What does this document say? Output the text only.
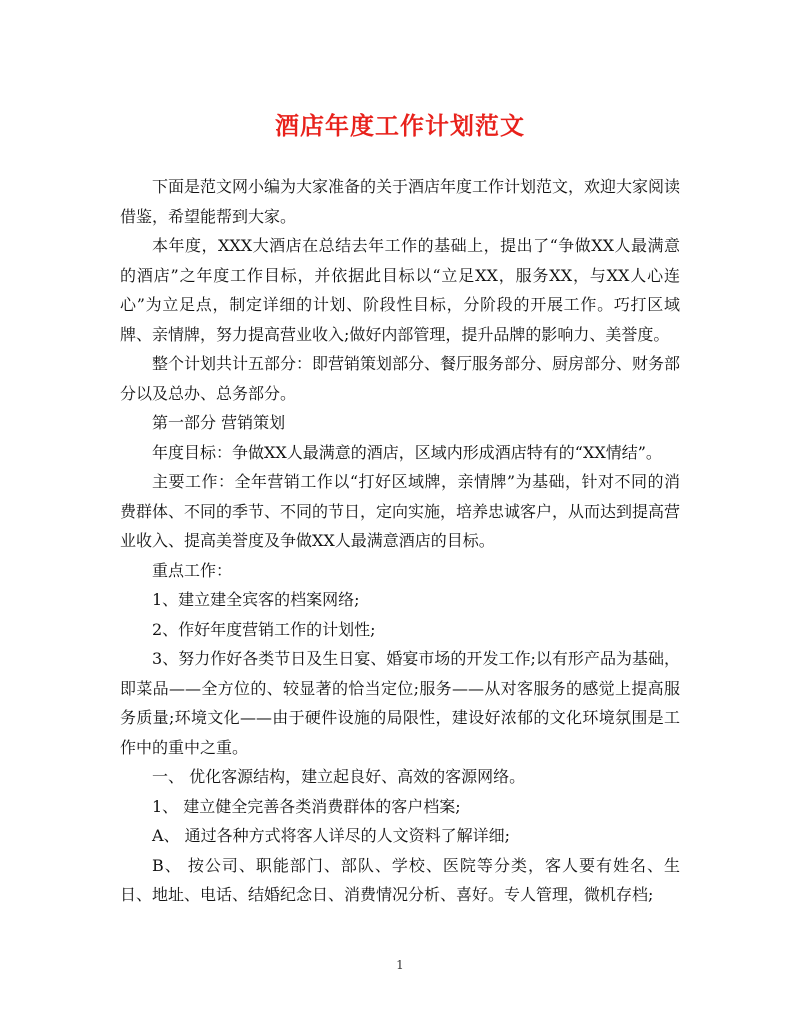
酒店年度工作计划范文

下面是范文网小编为大家准备的关于酒店年度工作计划范文，欢迎大家阅读借鉴，希望能帮到大家。

本年度，XXX大酒店在总结去年工作的基础上，提出了“争做XX人最满意的酒店”之年度工作目标，并依据此目标以“立足XX，服务XX，与XX人心连心”为立足点，制定详细的计划、阶段性目标，分阶段的开展工作。巧打区域牌、亲情牌，努力提高营业收入;做好内部管理，提升品牌的影响力、美誉度。

整个计划共计五部分：即营销策划部分、餐厅服务部分、厨房部分、财务部分以及总办、总务部分。

第一部分 营销策划

年度目标：争做XX人最满意的酒店，区域内形成酒店特有的“XX情结”。

主要工作：全年营销工作以“打好区域牌，亲情牌”为基础，针对不同的消费群体、不同的季节、不同的节日，定向实施，培养忠诚客户，从而达到提高营业收入、提高美誉度及争做XX人最满意酒店的目标。

重点工作：

1、建立建全宾客的档案网络;

2、作好年度营销工作的计划性;

3、努力作好各类节日及生日宴、婚宴市场的开发工作;以有形产品为基础，即菜品——全方位的、较显著的恰当定位;服务——从对客服务的感觉上提高服务质量;环境文化——由于硬件设施的局限性，建设好浓郁的文化环境氛围是工作中的重中之重。

一、 优化客源结构，建立起良好、高效的客源网络。

1、 建立健全完善各类消费群体的客户档案;

A、 通过各种方式将客人详尽的人文资料了解详细;

B、 按公司、职能部门、部队、学校、医院等分类，客人要有姓名、生日、地址、电话、结婚纪念日、消费情况分析、喜好。专人管理，微机存档;

1
